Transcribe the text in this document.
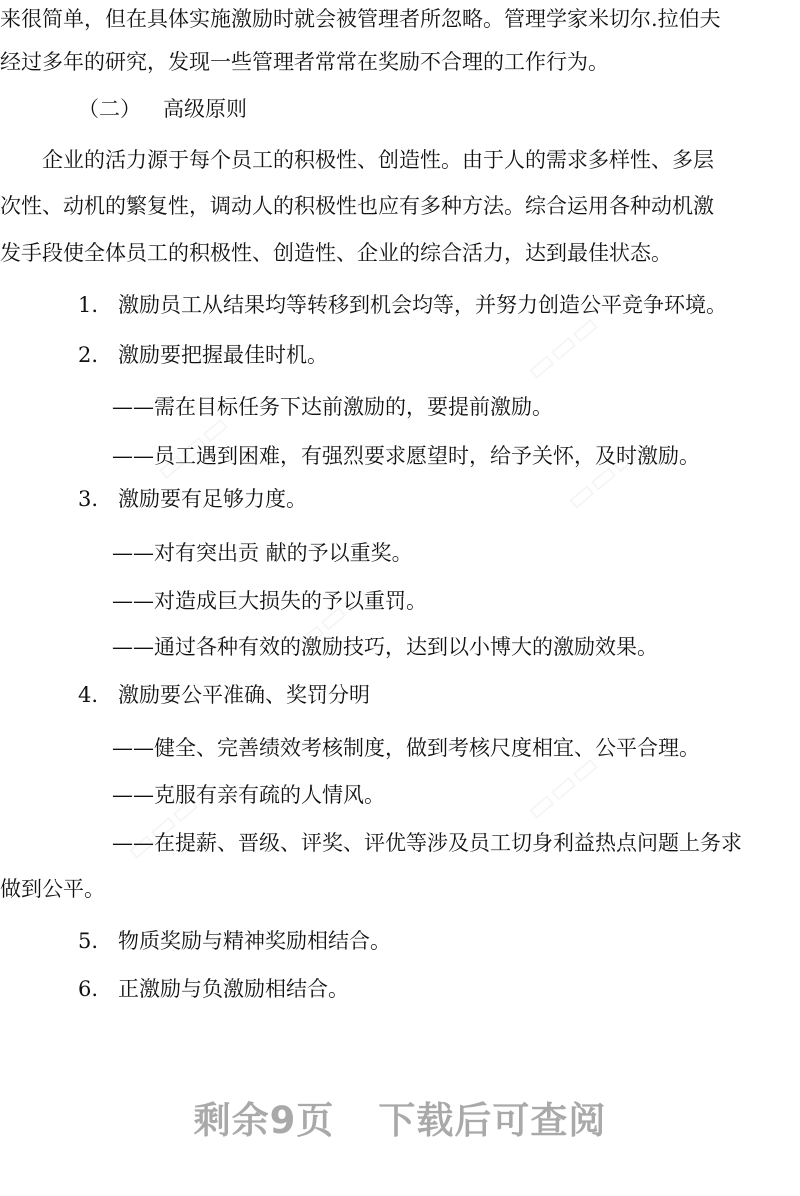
来很简单，但在具体实施激励时就会被管理者所忽略。管理学家米切尔.拉伯夫
经过多年的研究，发现一些管理者常常在奖励不合理的工作行为。
（二） 高级原则
企业的活力源于每个员工的积极性、创造性。由于人的需求多样性、多层
次性、动机的繁复性，调动人的积极性也应有多种方法。综合运用各种动机激
发手段使全体员工的积极性、创造性、企业的综合活力，达到最佳状态。
1. 激励员工从结果均等转移到机会均等，并努力创造公平竞争环境。
2. 激励要把握最佳时机。
——需在目标任务下达前激励的，要提前激励。
——员工遇到困难，有强烈要求愿望时，给予关怀，及时激励。
3. 激励要有足够力度。
——对有突出贡 献的予以重奖。
——对造成巨大损失的予以重罚。
——通过各种有效的激励技巧，达到以小博大的激励效果。
4. 激励要公平准确、奖罚分明
——健全、完善绩效考核制度，做到考核尺度相宜、公平合理。
——克服有亲有疏的人情风。
——在提薪、晋级、评奖、评优等涉及员工切身利益热点问题上务求
做到公平。
5. 物质奖励与精神奖励相结合。
6. 正激励与负激励相结合。
剩余9页 下载后可查阅
